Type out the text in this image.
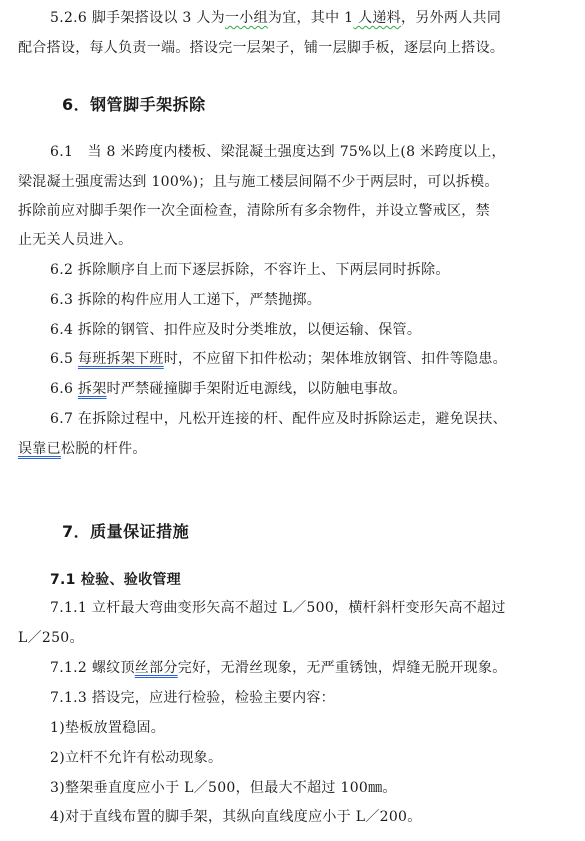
5.2.6 脚手架搭设以 3 人为一小组为宜，其中 1 人递料，另外两人共同
配合搭设，每人负责一端。搭设完一层架子，铺一层脚手板，逐层向上搭设。
6．钢管脚手架拆除
6.1　当 8 米跨度内楼板、梁混凝土强度达到 75%以上(8 米跨度以上，
梁混凝土强度需达到 100%)；且与施工楼层间隔不少于两层时，可以拆模。
拆除前应对脚手架作一次全面检查，清除所有多余物件，并设立警戒区，禁
止无关人员进入。
6.2 拆除顺序自上而下逐层拆除，不容许上、下两层同时拆除。
6.3 拆除的构件应用人工递下，严禁抛掷。
6.4 拆除的钢管、扣件应及时分类堆放，以便运输、保管。
6.5 每班拆架下班时，不应留下扣件松动；架体堆放钢管、扣件等隐患。
6.6 拆架时严禁碰撞脚手架附近电源线，以防触电事故。
6.7 在拆除过程中，凡松开连接的杆、配件应及时拆除运走，避免误扶、
误靠已松脱的杆件。
7．质量保证措施
7.1 检验、验收管理
7.1.1 立杆最大弯曲变形矢高不超过 L／500，横杆斜杆变形矢高不超过
L／250。
7.1.2 螺纹顶丝部分完好，无滑丝现象，无严重锈蚀，焊缝无脱开现象。
7.1.3 搭设完，应进行检验，检验主要内容：
1)垫板放置稳固。
2)立杆不允许有松动现象。
3)整架垂直度应小于 L／500，但最大不超过 100㎜。
4)对于直线布置的脚手架，其纵向直线度应小于 L／200。
